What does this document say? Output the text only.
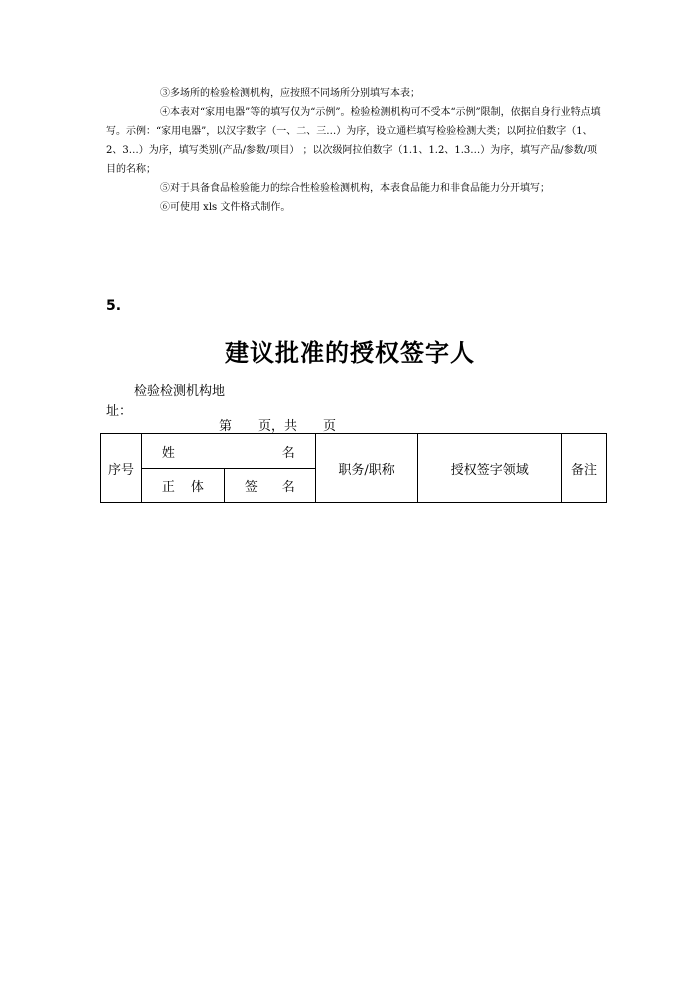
③多场所的检验检测机构，应按照不同场所分别填写本表；

④本表对“家用电器”等的填写仅为“示例”。检验检测机构可不受本“示例”限制，依据自身行业特点填写。示例：“家用电器”，以汉字数字（一、二、三…）为序，设立通栏填写检验检测大类；以阿拉伯数字（1、2、3…）为序，填写类别(产品/参数/项目） ；以次级阿拉伯数字（1.1、1.2、1.3…）为序，填写产品/参数/项目的名称；

⑤对于具备食品检验能力的综合性检验检测机构，本表食品能力和非食品能力分开填写；

⑥可使用 xls 文件格式制作。

5.
建议批准的授权签字人
检验检测机构地
址：
第　　页，共　　页
序号	姓 名		职务/职称	授权签字领域	备注

	正 体	签 名			
